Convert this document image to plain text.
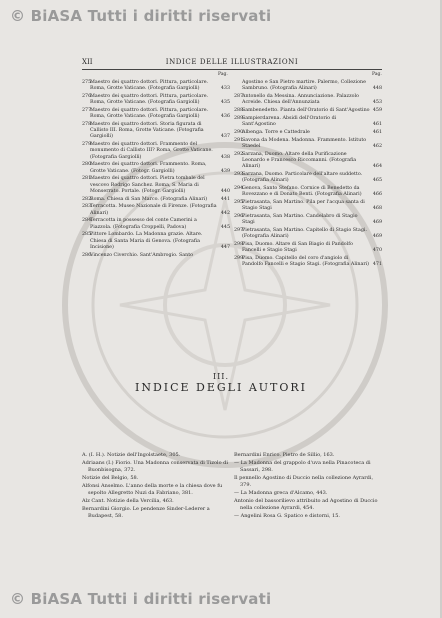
© BiASA Tutti i diritti riservati
XII	INDICE DELLE ILLUSTRAZIONI
Pag.	Pag.
275.
Maestro dei quattro dottori. Pittura, particolare. Roma, Grotte Vaticane. (Fotografia Gargiolli)	433
276.
Maestro dei quattro dottori. Pittura, particolare. Roma, Grotte Vaticane. (Fotografia Gargiolli)	435
277.
Maestro dei quattro dottori. Pittura, particolare. Roma, Grotte Vaticane. (Fotografia Gargiolli)	436
278.
Maestro dei quattro dottori. Storia figurata di Callisto III. Roma, Grotte Vaticane. (Fotografia Gargiolli)	437
279.
Maestro dei quattro dottori. Frammento del monumento di Callisto III? Roma, Grotte Vaticane. (Fotografia Gargiolli)	438
280.
Maestro dei quattro dottori. Frammento. Roma, Grotte Vaticane. (Fotogr. Gargiolli)	439
281.
Maestro dei quattro dottori. Pietra tombale del vescovo Rodrigo Sanchez. Roma, S. Maria di Monserrato. Portale. (Fotogr. Gargiolli)	440
282.
Roma. Chiesa di San Marco. (Fotografia Alinari)	441
283.
Terracotta. Museo Nazionale di Firenze. (Fotografia Alinari)	442
284.
Terracotta in possesso del conte Camerini a Piazzola. (Fotografia Croppelli, Padova)	445
285.
Pittore Lombardo. La Madonna grazie. Altare. Chiesa di Santa Maria di Genova. (Fotografia Incisione)	447
286.
Vincenzo Civerchio. Sant'Ambrogio. Santo
Agostino e San Pietro martire. Palermo, Collezione Sambruno. (Fotografia Alinari)	448
287.
Antonello da Messina. Annunciazione. Palazzolo Acreide. Chiesa dell'Annunziata	453
288.
Sambenedetto. Pianta dell'Oratorio di Sant'Agostino 459
289.
Sampierdarena. Absidi dell'Oratorio di Sant'Agostino	461
290.
Albenga. Torre e Cattedrale	461
291.
Savona da Modena. Madonna. Frammento. Istituto Staedel	462
292.
Sarzana, Duomo. Altare della Purificazione Leonardo e Francesco Riccomanni. (Fotografia Alinari)	464
293.
Sarzana, Duomo. Particolare dell'altare suddetto. (Fotografia Alinari)	465
294.
Genova, Santo Stefano. Cornice di Benedetto da Rovezzano e di Donato Benti. (Fotografia Alinari) 466
295.
Pietrasanta, San Martino. Pila per l'acqua santa di Stagio Stagi	468
296.
Pietrasanta, San Martino. Candelabro di Stagio Stagi	469
297.
Pietrasanta, San Martino. Capitello di Stagio Stagi. (Fotografia Alinari)	469
298.
Pisa, Duomo. Altare di San Biagio di Pandolfo Fancelli e Stagio Stagi	470
299.
Pisa, Duomo. Capitello del coro d'angiolo di Pandolfo Fancelli e Stagio Stagi. (Fotografia Alinari) 471
III.
INDICE DEGLI AUTORI
A. (I. H.). Notizie dell'Ingolstaete, 305.
Adriaans (I.) Fiorio. Una Madonna conservata di Tizolo di Buonbisogna, 372.
Notizie del Belgio, 58.
Alfonsi Anselmo. L'anno della morte e la chiesa dove fu sepolto Allegretto Nuzi da Fabriano, 381.
Alz Cant. Notizie della Vercilia, 463.
Bernardini Giorgio. Le pendenze Sinder-Lederer a Budapest, 58.
Bernardini Enrico. Pietro de Sillio, 163.
— La Madonna del grappolo d'uva nella Pinacoteca di Sassari, 298.
Il pennello Agostino di Duccio nella collezione Ayrardi, 379.
— La Madonna greca d'Alcamo, 443.
Antonio del bassorilievo attribuito ad Agostino di Duccio nella collezione Ayrardi, 454.
— Angelini Rosa G. Spatico e distorni, 15.
© BiASA Tutti i diritti riservati
